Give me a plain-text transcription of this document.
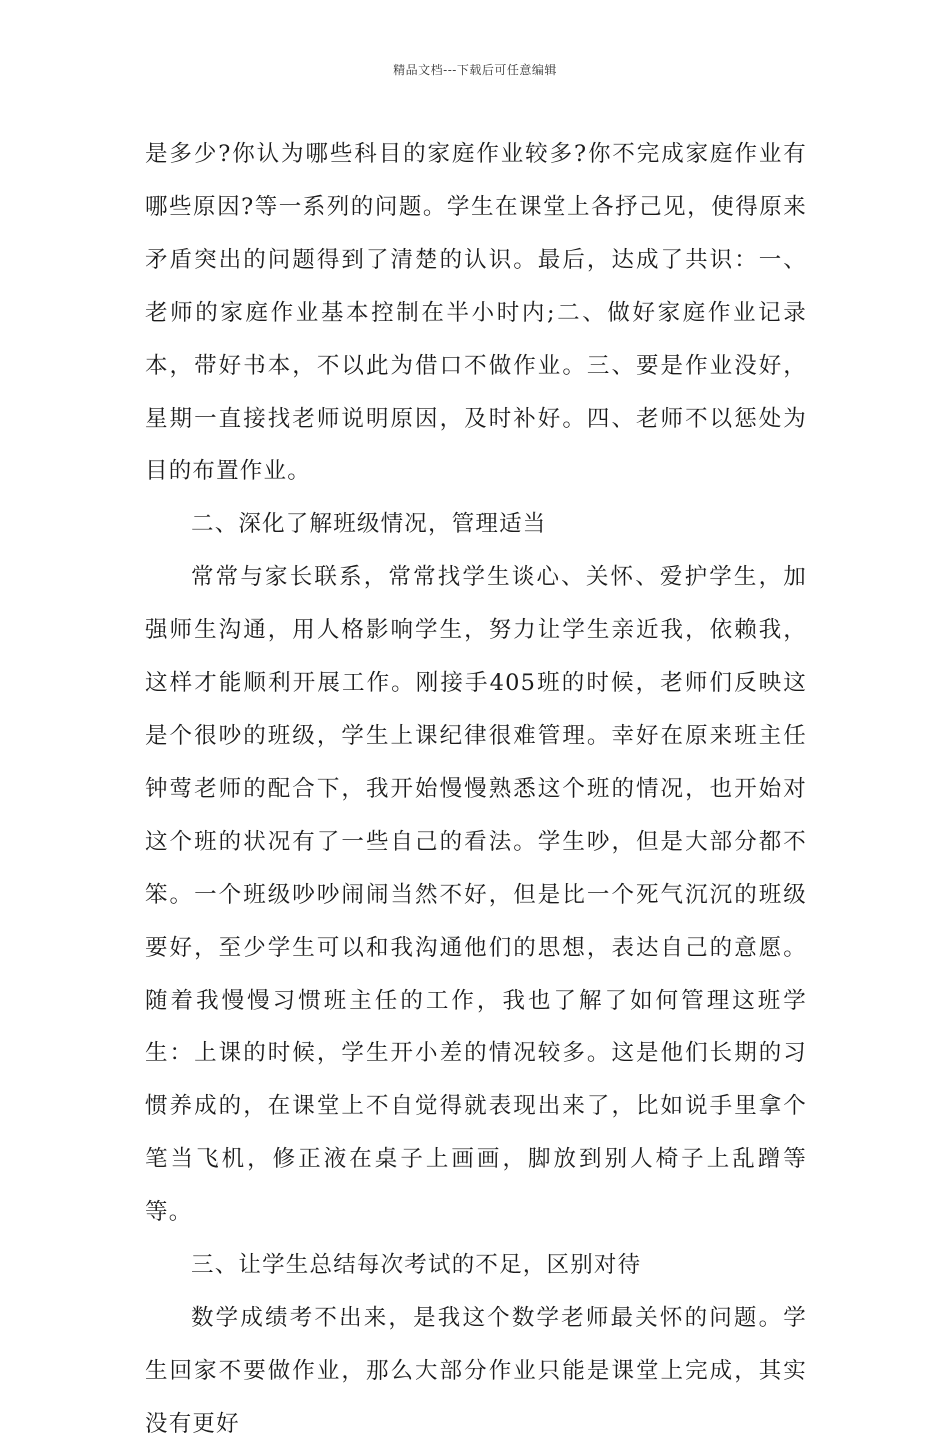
精品文档---下载后可任意编辑

是多少?你认为哪些科目的家庭作业较多?你不完成家庭作业有哪些原因?等一系列的问题。学生在课堂上各抒己见，使得原来矛盾突出的问题得到了清楚的认识。最后，达成了共识：一、老师的家庭作业基本控制在半小时内;二、做好家庭作业记录本，带好书本，不以此为借口不做作业。三、要是作业没好，星期一直接找老师说明原因，及时补好。四、老师不以惩处为目的布置作业。

二、深化了解班级情况，管理适当

常常与家长联系，常常找学生谈心、关怀、爱护学生，加强师生沟通，用人格影响学生，努力让学生亲近我，依赖我，这样才能顺利开展工作。刚接手405班的时候，老师们反映这是个很吵的班级，学生上课纪律很难管理。幸好在原来班主任钟莺老师的配合下，我开始慢慢熟悉这个班的情况，也开始对这个班的状况有了一些自己的看法。学生吵，但是大部分都不笨。一个班级吵吵闹闹当然不好，但是比一个死气沉沉的班级要好，至少学生可以和我沟通他们的思想，表达自己的意愿。随着我慢慢习惯班主任的工作，我也了解了如何管理这班学生：上课的时候，学生开小差的情况较多。这是他们长期的习惯养成的，在课堂上不自觉得就表现出来了，比如说手里拿个笔当飞机，修正液在桌子上画画，脚放到别人椅子上乱蹭等等。

三、让学生总结每次考试的不足，区别对待

数学成绩考不出来，是我这个数学老师最关怀的问题。学生回家不要做作业，那么大部分作业只能是课堂上完成，其实没有更好
